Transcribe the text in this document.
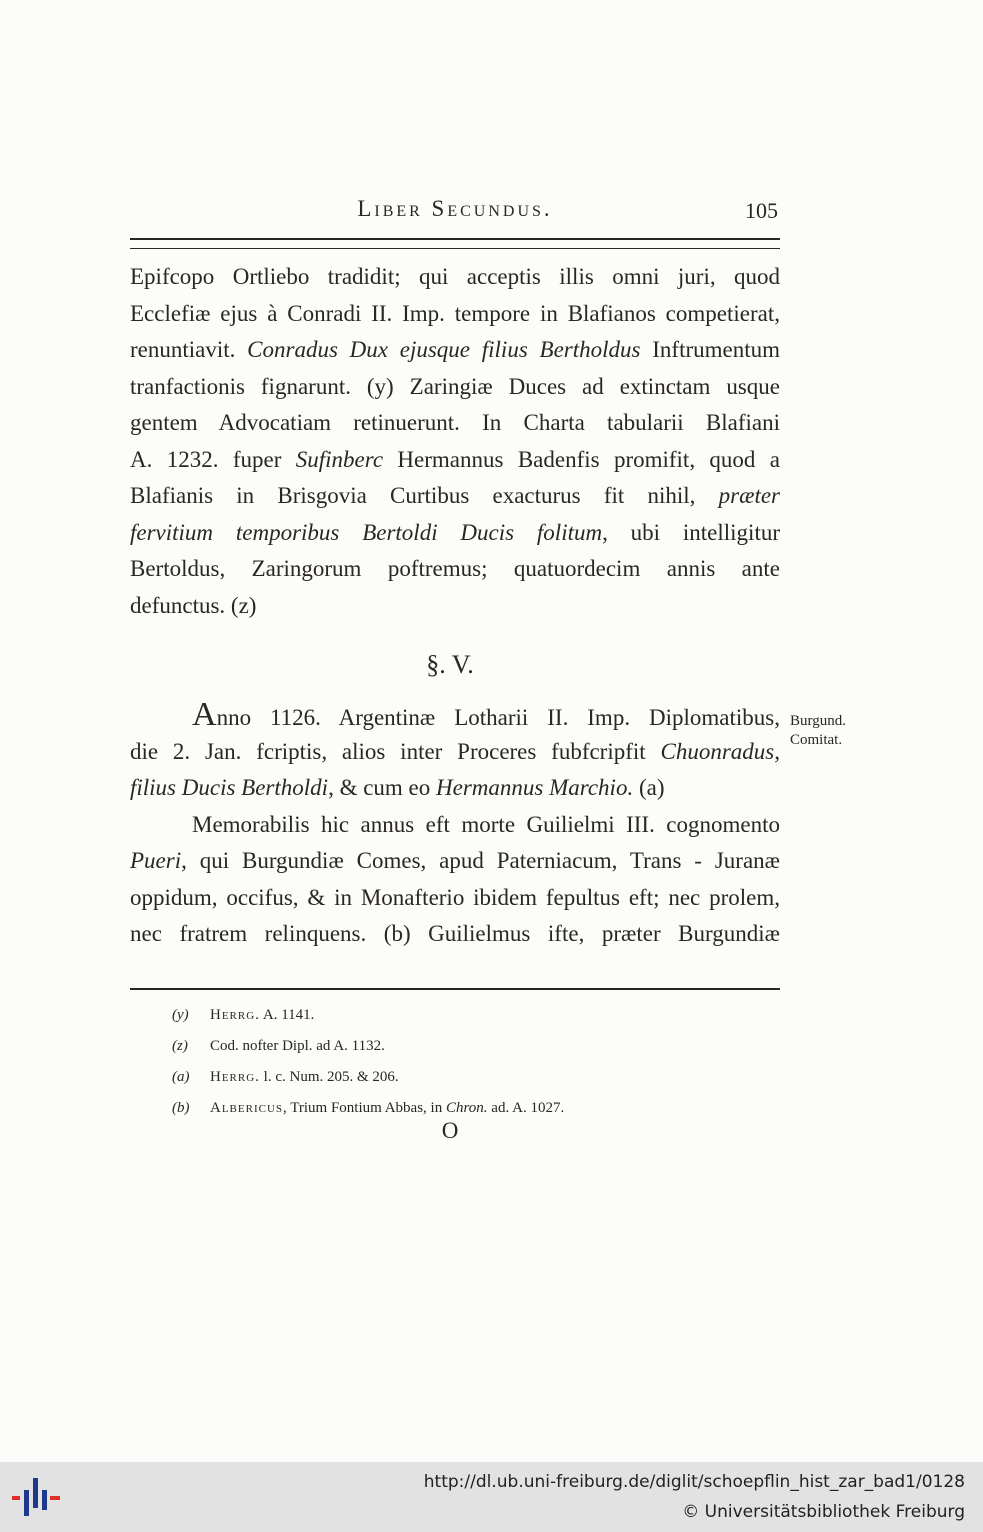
Liber Secundus.	105
Epifcopo Ortliebo tradidit; qui acceptis illis omni juri, quod
Ecclefiæ ejus à Conradi II. Imp. tempore in Blafianos competierat,
renuntiavit. Conradus Dux ejusque filius Bertholdus Inftrumentum
tranfactionis fignarunt. (y) Zaringiæ Duces ad extinctam usque
gentem Advocatiam retinuerunt. In Charta tabularii Blafiani
A. 1232. fuper Sufinberc Hermannus Badenfis promifit, quod a
Blafianis in Brisgovia Curtibus exacturus fit nihil, præter
fervitium temporibus Bertoldi Ducis folitum, ubi intelligitur
Bertoldus, Zaringorum poftremus; quatuordecim annis ante
defunctus. (z)
§. V.
Anno 1126. Argentinæ Lotharii II. Imp. Diplomatibus,
die 2. Jan. fcriptis, alios inter Proceres fubfcripfit Chuonradus,
filius Ducis Bertholdi, & cum eo Hermannus Marchio. (a)
Memorabilis hic annus eft morte Guilielmi III. cognomento
Pueri, qui Burgundiæ Comes, apud Paterniacum, Trans - Juranæ
oppidum, occifus, & in Monafterio ibidem fepultus eft; nec prolem,
nec fratrem relinquens. (b) Guilielmus ifte, præter Burgundiæ
Burgund.
Comitat.
(y) Herrg. A. 1141.
(z) Cod. nofter Dipl. ad A. 1132.
(a) Herrg. l. c. Num. 205. & 206.
(b) Albericus, Trium Fontium Abbas, in Chron. ad. A. 1027.
O
http://dl.ub.uni-freiburg.de/diglit/schoepflin_hist_zar_bad1/0128
© Universitätsbibliothek Freiburg
